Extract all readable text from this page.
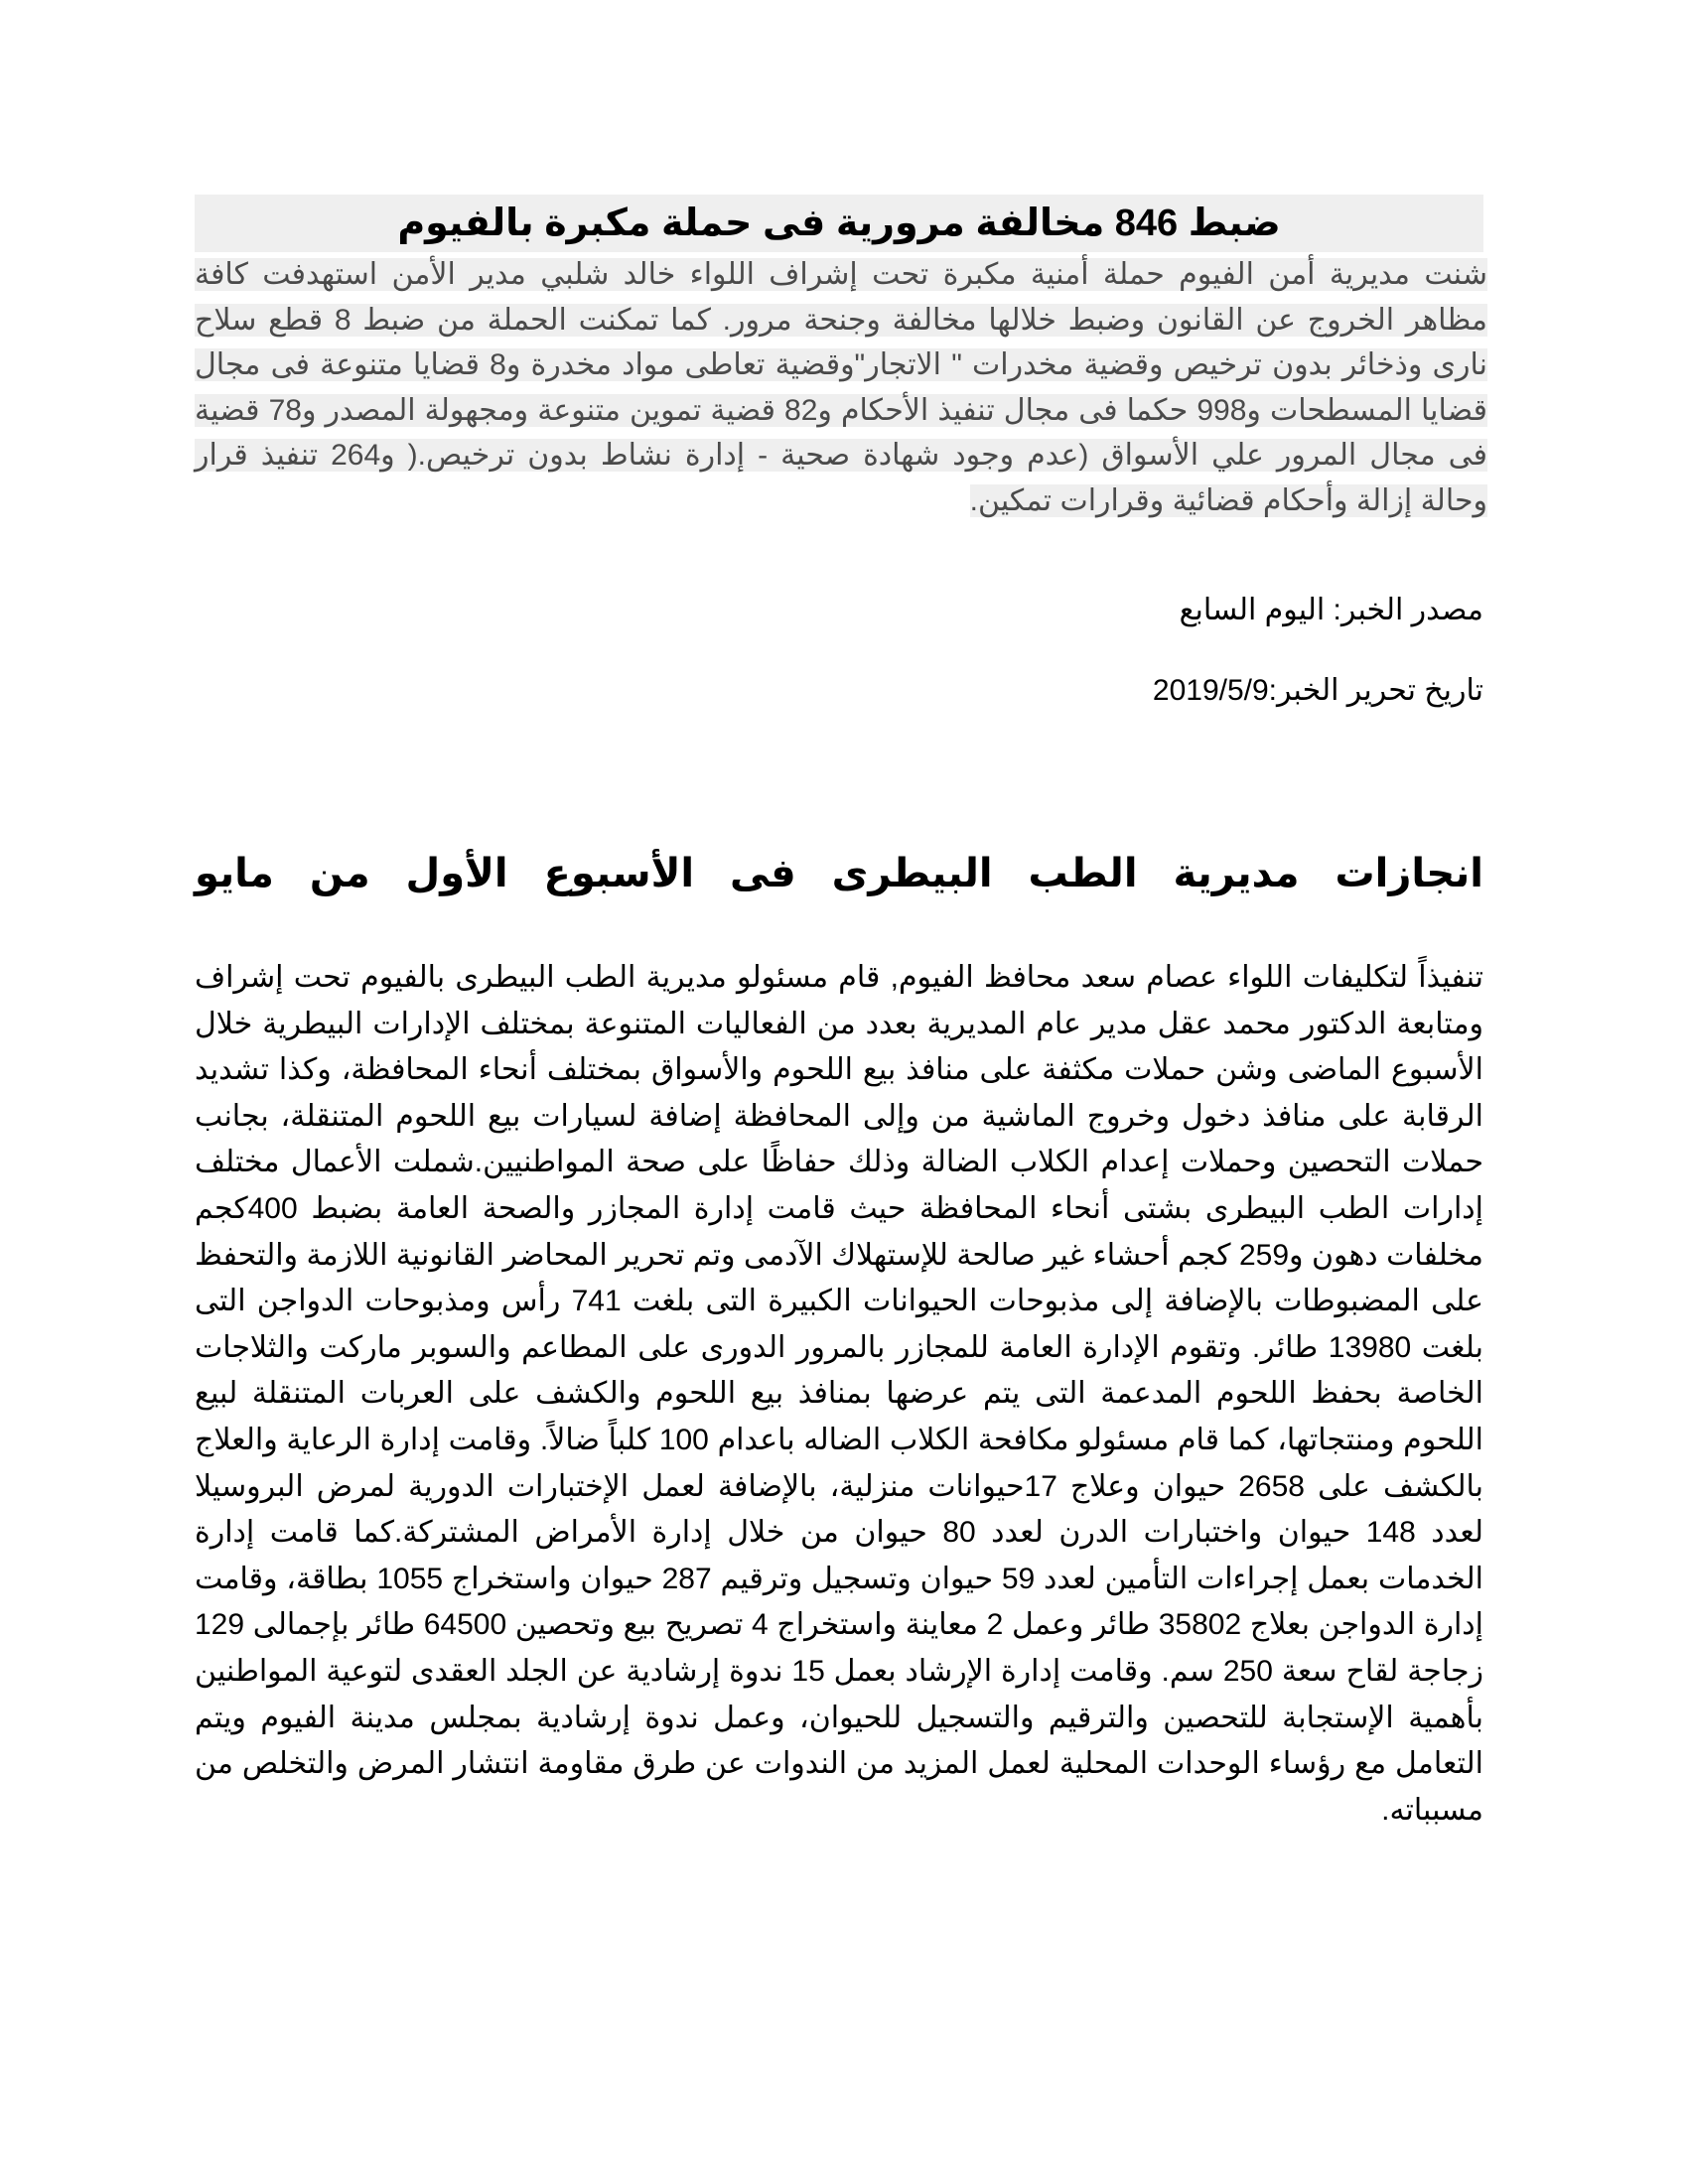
ضبط 846 مخالفة مرورية فى حملة مكبرة بالفيوم

شنت مديرية أمن الفيوم حملة أمنية مكبرة تحت إشراف اللواء خالد شلبي مدير الأمن استهدفت كافة مظاهر الخروج عن القانون وضبط خلالها مخالفة وجنحة مرور. كما تمكنت الحملة من ضبط 8 قطع سلاح نارى وذخائر بدون ترخيص وقضية مخدرات " الاتجار"وقضية تعاطى مواد مخدرة و8 قضايا متنوعة فى مجال قضايا المسطحات و998 حكما فى مجال تنفيذ الأحكام و82 قضية تموين متنوعة ومجهولة المصدر و78 قضية فى مجال المرور علي الأسواق (عدم وجود شهادة صحية - إدارة نشاط بدون ترخيص.( و264 تنفيذ قرار وحالة إزالة وأحكام قضائية وقرارات تمكين.

مصدر الخبر: اليوم السابع
تاريخ تحرير الخبر:2019/5/9
انجازات مديرية الطب البيطرى فى الأسبوع الأول من مايو

تنفيذاً لتكليفات اللواء عصام سعد محافظ الفيوم, قام مسئولو مديرية الطب البيطرى بالفيوم تحت إشراف ومتابعة الدكتور محمد عقل مدير عام المديرية بعدد من الفعاليات المتنوعة بمختلف الإدارات البيطرية خلال الأسبوع الماضى وشن حملات مكثفة على منافذ بيع اللحوم والأسواق بمختلف أنحاء المحافظة، وكذا تشديد الرقابة على منافذ دخول وخروج الماشية من وإلى المحافظة إضافة لسيارات بيع اللحوم المتنقلة، بجانب حملات التحصين وحملات إعدام الكلاب الضالة وذلك حفاظًا على صحة المواطنيين.شملت الأعمال مختلف إدارات الطب البيطرى بشتى أنحاء المحافظة حيث قامت إدارة المجازر والصحة العامة بضبط 400كجم مخلفات دهون و259 كجم أحشاء غير صالحة للإستهلاك الآدمى وتم تحرير المحاضر القانونية اللازمة والتحفظ على المضبوطات بالإضافة إلى مذبوحات الحيوانات الكبيرة التى بلغت 741 رأس ومذبوحات الدواجن التى بلغت 13980 طائر. وتقوم الإدارة العامة للمجازر بالمرور الدورى على المطاعم والسوبر ماركت والثلاجات الخاصة بحفظ اللحوم المدعمة التى يتم عرضها بمنافذ بيع اللحوم والكشف على العربات المتنقلة لبيع اللحوم ومنتجاتها، كما قام مسئولو مكافحة الكلاب الضاله باعدام 100 كلباً ضالاً. وقامت إدارة الرعاية والعلاج بالكشف على 2658 حيوان وعلاج 17حيوانات منزلية، بالإضافة لعمل الإختبارات الدورية لمرض البروسيلا لعدد 148 حيوان واختبارات الدرن لعدد 80 حيوان من خلال إدارة الأمراض المشتركة.كما قامت إدارة الخدمات بعمل إجراءات التأمين لعدد 59 حيوان وتسجيل وترقيم 287 حيوان واستخراج 1055 بطاقة، وقامت إدارة الدواجن بعلاج 35802 طائر وعمل 2 معاينة واستخراج 4 تصريح بيع وتحصين 64500 طائر بإجمالى 129 زجاجة لقاح سعة 250 سم. وقامت إدارة الإرشاد بعمل 15 ندوة إرشادية عن الجلد العقدى لتوعية المواطنين بأهمية الإستجابة للتحصين والترقيم والتسجيل للحيوان، وعمل ندوة إرشادية بمجلس مدينة الفيوم ويتم التعامل مع رؤساء الوحدات المحلية لعمل المزيد من الندوات عن طرق مقاومة انتشار المرض والتخلص من مسبباته.
